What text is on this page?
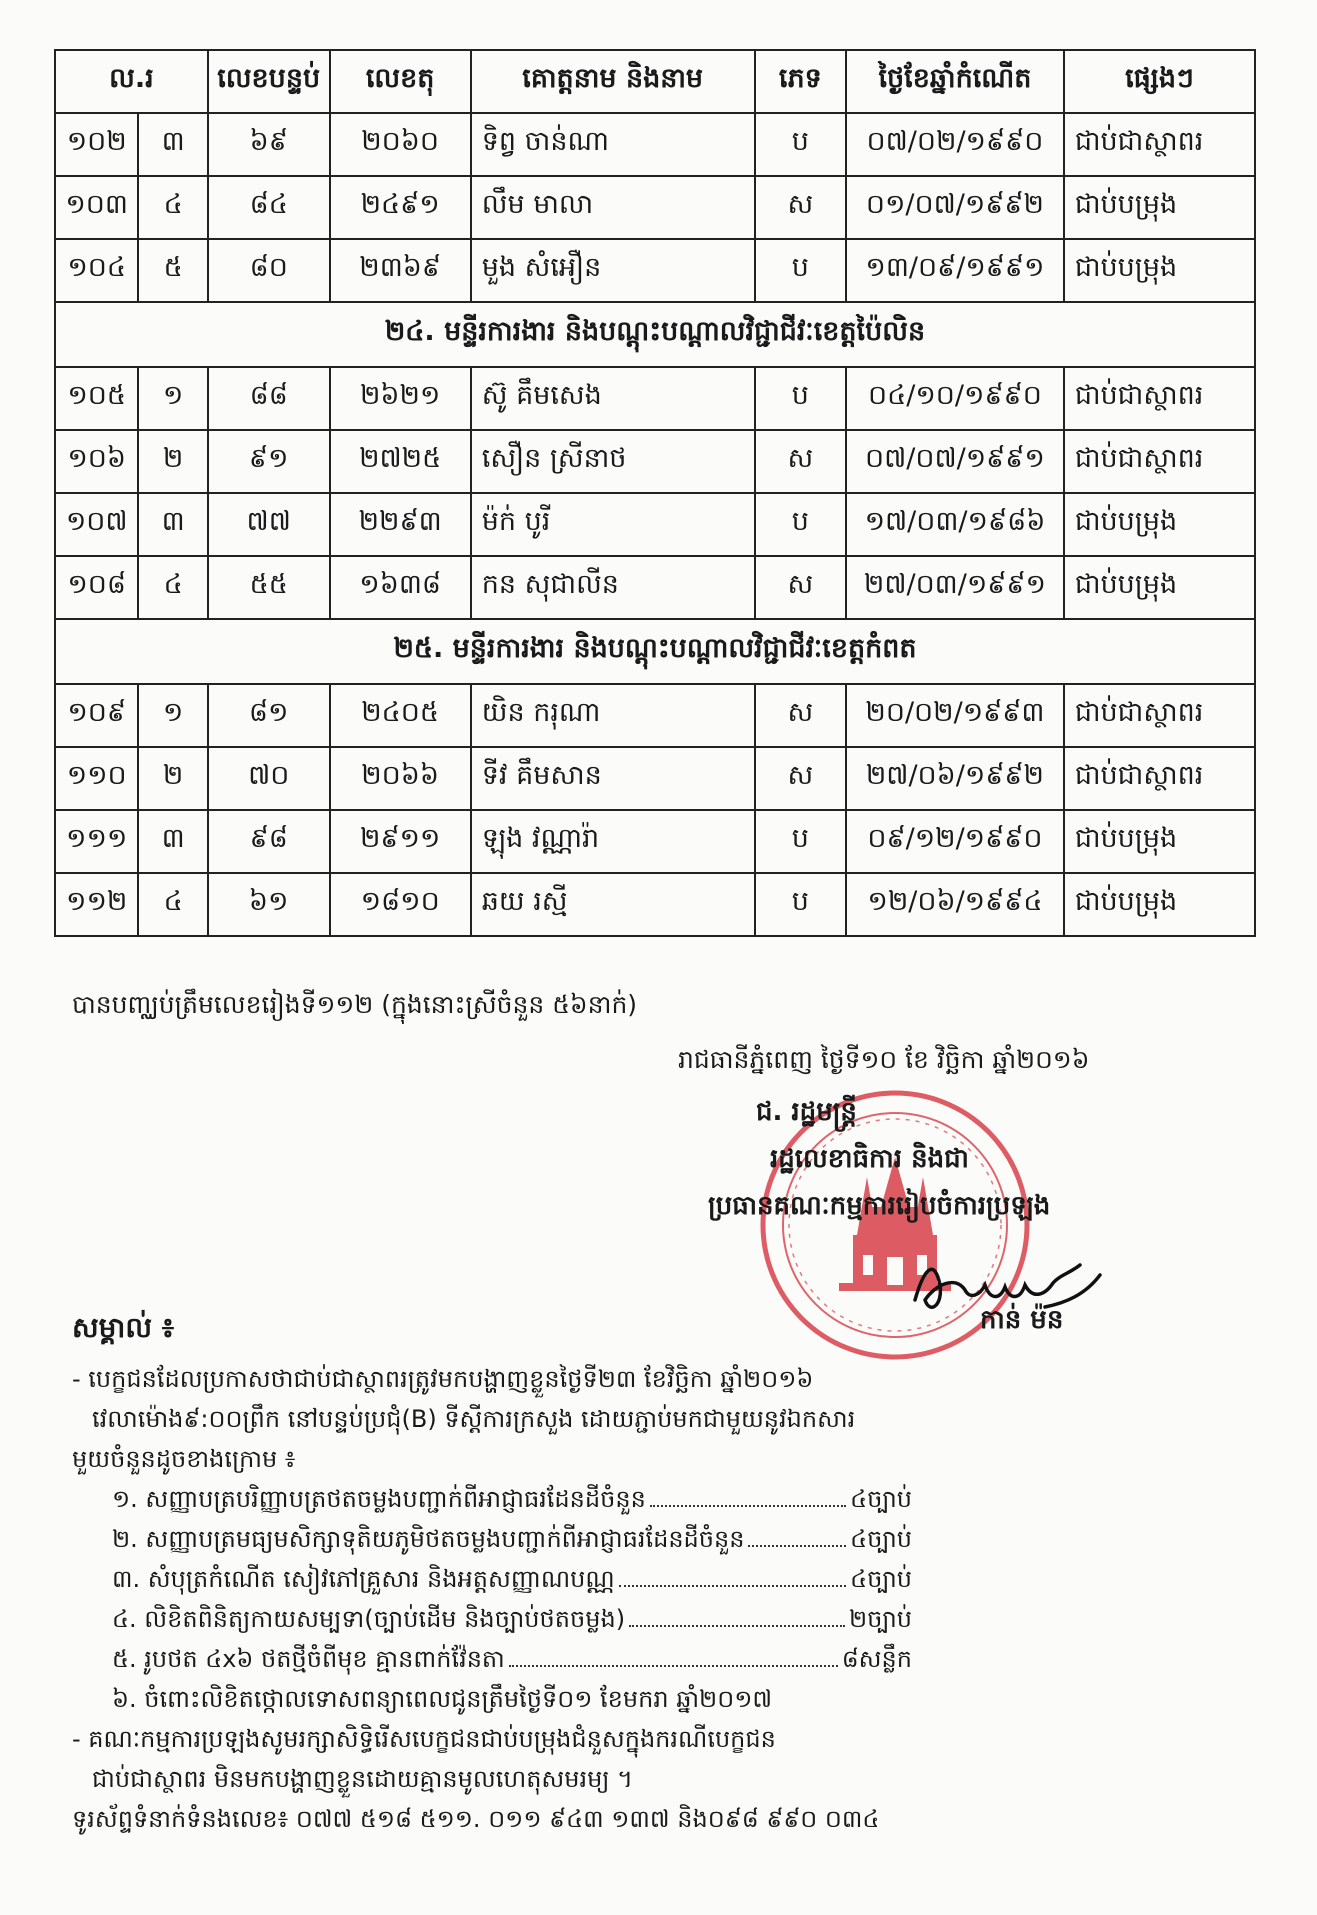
ល.រ		លេខបន្ទប់	លេខតុ	គោត្តនាម និងនាម	ភេទ	ថ្ងៃខែឆ្នាំកំណើត	ផ្សេងៗ
១០២	៣	៦៩	២០៦០	ទិព្វ ចាន់ណា	ប	០៧/០២/១៩៩០	ជាប់ជាស្ថាពរ
១០៣	៤	៨៤	២៤៩១	លឹម មាលា	ស	០១/០៧/១៩៩២	ជាប់បម្រុង
១០៤	៥	៨០	២៣៦៩	មួង សំអឿន	ប	១៣/០៩/១៩៩១	ជាប់បម្រុង
២៤. មន្ទីរការងារ និងបណ្តុះបណ្តាលវិជ្ជាជីវៈខេត្តប៉ៃលិន							
១០៥	១	៨៨	២៦២១	ស៊ូ គឹមសេង	ប	០៤/១០/១៩៩០	ជាប់ជាស្ថាពរ
១០៦	២	៩១	២៧២៥	សឿន ស្រីនាថ	ស	០៧/០៧/១៩៩១	ជាប់ជាស្ថាពរ
១០៧	៣	៧៧	២២៩៣	ម៉ក់ បូរី	ប	១៧/០៣/១៩៨៦	ជាប់បម្រុង
១០៨	៤	៥៥	១៦៣៨	កន សុជាលីន	ស	២៧/០៣/១៩៩១	ជាប់បម្រុង
២៥. មន្ទីរការងារ និងបណ្តុះបណ្តាលវិជ្ជាជីវៈខេត្តកំពត							
១០៩	១	៨១	២៤០៥	យិន ករុណា	ស	២០/០២/១៩៩៣	ជាប់ជាស្ថាពរ
១១០	២	៧០	២០៦៦	ទីវ គឹមសាន	ស	២៧/០៦/១៩៩២	ជាប់ជាស្ថាពរ
១១១	៣	៩៨	២៩១១	ឡុង វណ្ណារ៉ា	ប	០៩/១២/១៩៩០	ជាប់បម្រុង
១១២	៤	៦១	១៨១០	ឆយ រស្មី	ប	១២/០៦/១៩៩៤	ជាប់បម្រុង
បានបញ្ឈប់ត្រឹមលេខរៀងទី១១២ (ក្នុងនោះស្រីចំនួន ៥៦នាក់)
រាជធានីភ្នំពេញ ថ្ងៃទី១០ ខែ វិច្ឆិកា ឆ្នាំ២០១៦
ជ. រដ្ឋមន្ត្រី
រដ្ឋលេខាធិការ និងជា
ប្រធានគណៈកម្មការរៀបចំការប្រឡង
កាន់ ម៉ន
សម្គាល់ ៖
- បេក្ខជនដែលប្រកាសថាជាប់ជាស្ថាពរត្រូវមកបង្ហាញខ្លួនថ្ងៃទី២៣ ខែវិច្ឆិកា ឆ្នាំ២០១៦
វេលាម៉ោង៩:០០ព្រឹក នៅបន្ទប់ប្រជុំ(B) ទីស្តីការក្រសួង ដោយភ្ជាប់មកជាមួយនូវឯកសារ
មួយចំនួនដូចខាងក្រោម ៖
១. សញ្ញាបត្របរិញ្ញាបត្រថតចម្លងបញ្ជាក់ពីអាជ្ញាធរដែនដីចំនួន	៤ច្បាប់
២. សញ្ញាបត្រមធ្យមសិក្សាទុតិយភូមិថតចម្លងបញ្ជាក់ពីអាជ្ញាធរដែនដីចំនួន	៤ច្បាប់
៣. សំបុត្រកំណើត សៀវភៅគ្រួសារ និងអត្តសញ្ញាណបណ្ណ	៤ច្បាប់
៤. លិខិតពិនិត្យកាយសម្បទា(ច្បាប់ដើម និងច្បាប់ថតចម្លង)	២ច្បាប់
៥. រូបថត ៤x៦ ថតថ្មីចំពីមុខ គ្មានពាក់វ៉ែនតា	៨សន្លឹក
៦. ចំពោះលិខិតថ្កោលទោសពន្យាពេលជូនត្រឹមថ្ងៃទី០១ ខែមករា ឆ្នាំ២០១៧
- គណៈកម្មការប្រឡងសូមរក្សាសិទ្ធិរើសបេក្ខជនជាប់បម្រុងជំនួសក្នុងករណីបេក្ខជន
ជាប់ជាស្ថាពរ មិនមកបង្ហាញខ្លួនដោយគ្មានមូលហេតុសមរម្យ ។
ទូរស័ព្ទទំនាក់ទំនងលេខ៖ ០៧៧ ៥១៨ ៥១១. ០១១ ៩៤៣ ១៣៧ និង០៩៨ ៩៩០ ០៣៤
